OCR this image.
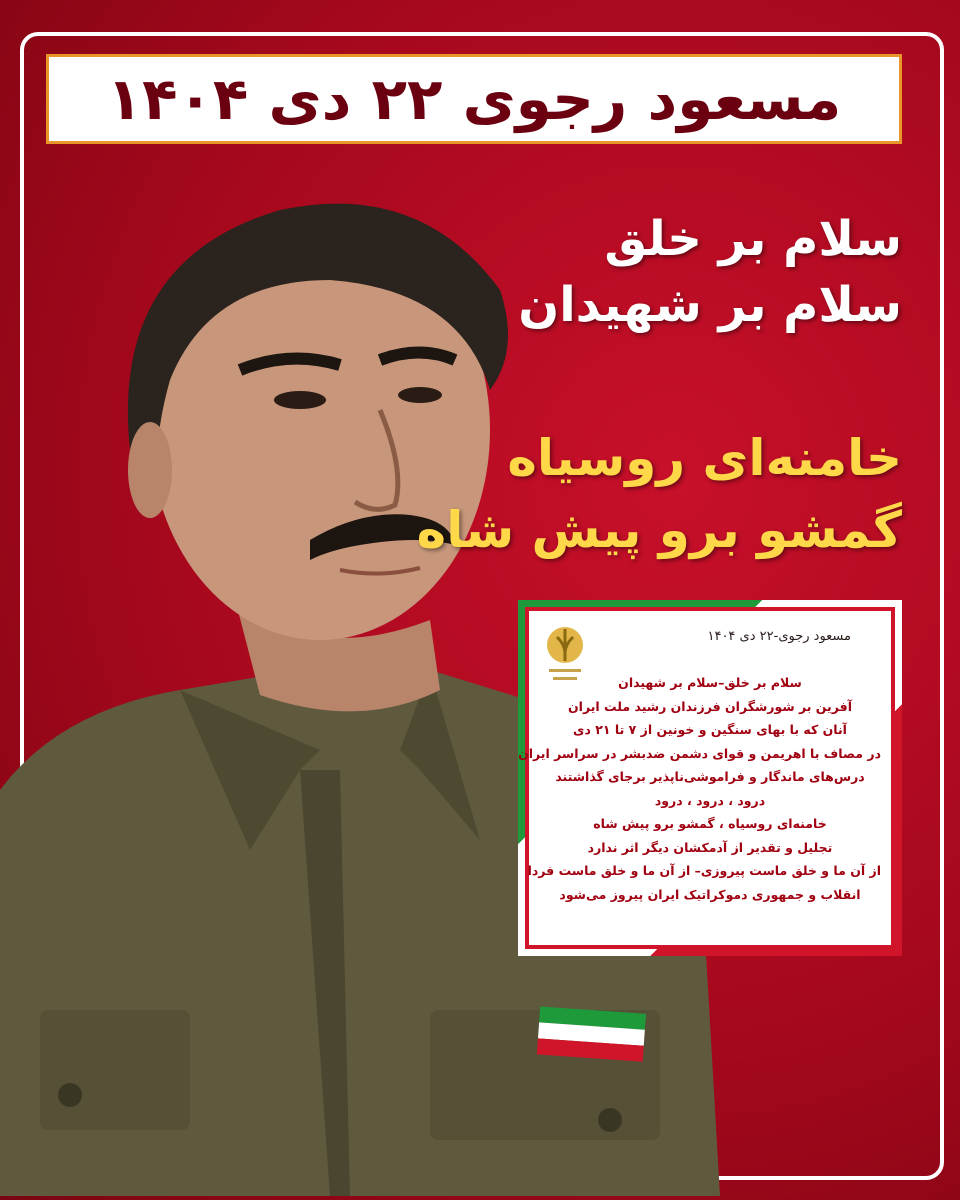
مسعود رجوی ۲۲ دی ۱۴۰۴
سلام بر خلق
سلام بر شهیدان
خامنه‌ای روسیاه
گمشو برو پیش شاه
مسعود رجوی-۲۲ دی ۱۴۰۴
سلام بر خلق–سلام بر شهیدان
آفرین بر شورشگران فرزندان رشید ملت ایران
آنان که با بهای سنگین و خونین از ۷ تا ۲۱ دی
در مصاف با اهریمن و قوای دشمن ضدبشر در سراسر ایران
درس‌های ماندگار و فراموشی‌ناپذیر برجای گذاشتند
درود ، درود ، درود
خامنه‌ای روسیاه ، گمشو برو پیش شاه
تجلیل و تقدیر از آدمکشان دیگر اثر ندارد
از آن ما و خلق ماست پیروزی– از آن ما و خلق ماست فردا
انقلاب و جمهوری دموکراتیک ایران پیروز می‌شود
